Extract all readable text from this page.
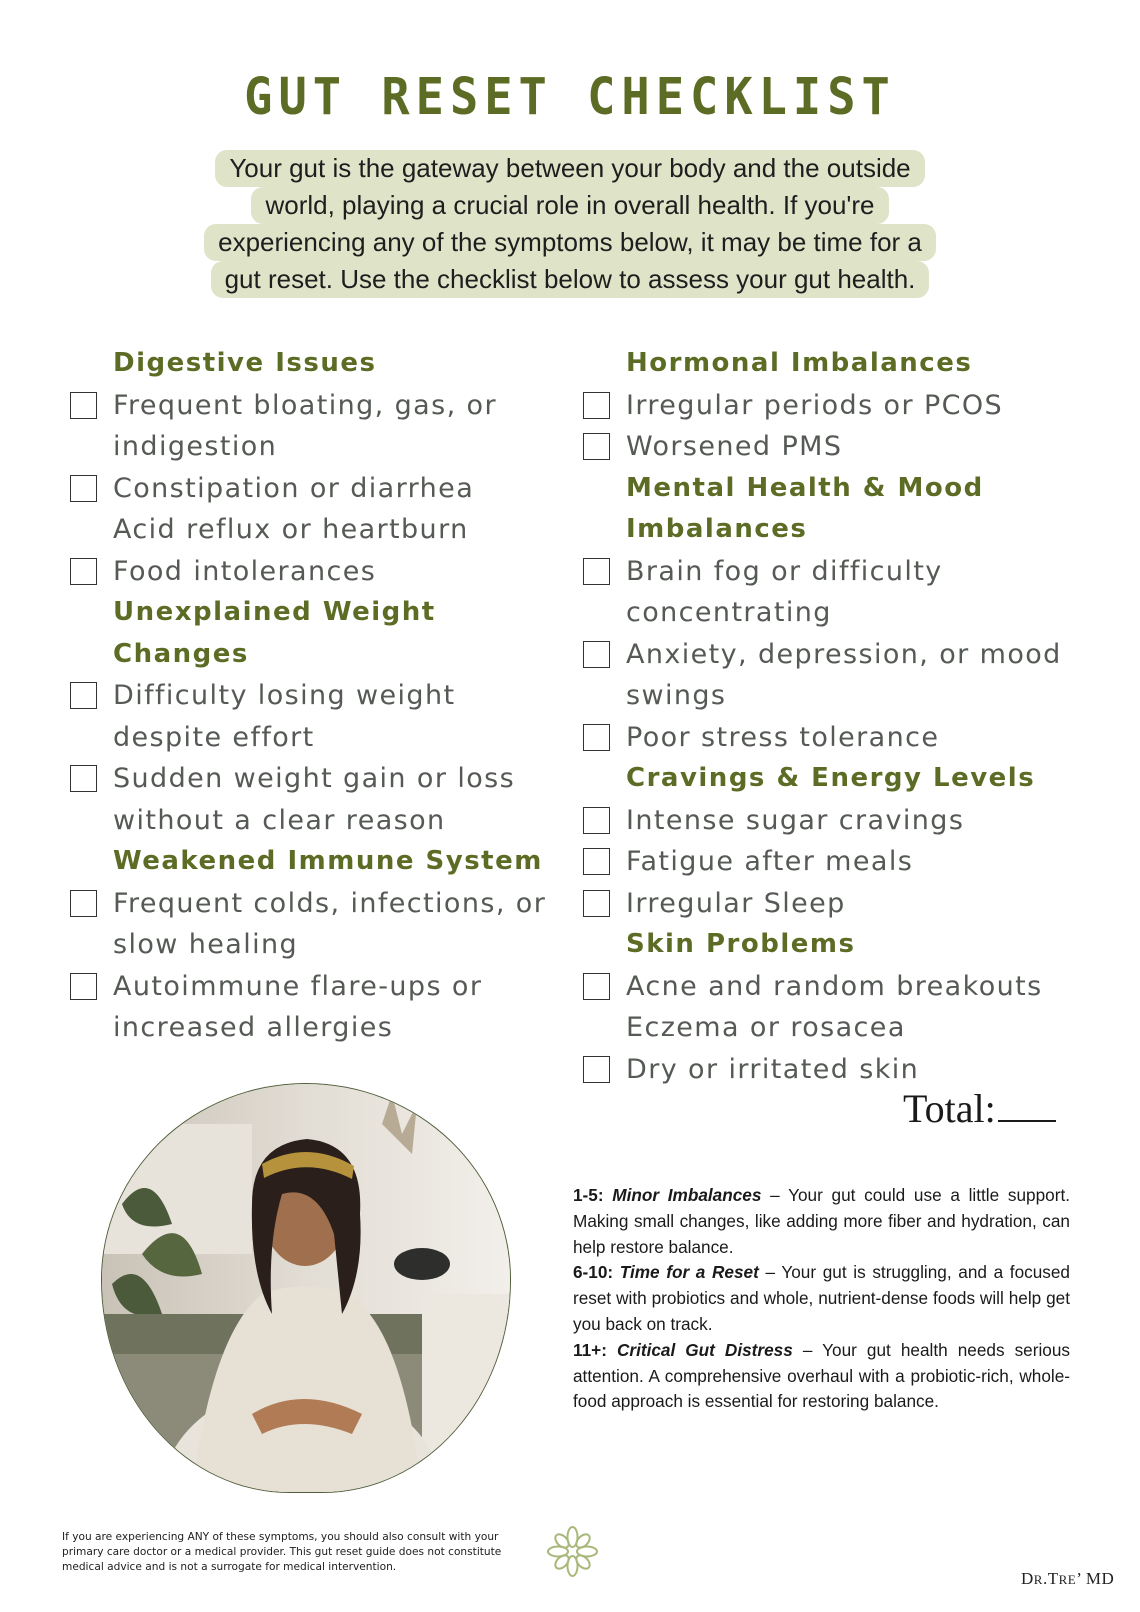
GUT RESET CHECKLIST
Your gut is the gateway between your body and the outside
world, playing a crucial role in overall health. If you're
experiencing any of the symptoms below, it may be time for a
gut reset. Use the checklist below to assess your gut health.
Digestive Issues
Frequent bloating, gas, or
indigestion
Constipation or diarrhea
Acid reflux or heartburn
Food intolerances
Unexplained Weight
Changes
Difficulty losing weight
despite effort
Sudden weight gain or loss
without a clear reason
Weakened Immune System
Frequent colds, infections, or
slow healing
Autoimmune flare-ups or
increased allergies
Hormonal Imbalances
Irregular periods or PCOS
Worsened PMS
Mental Health & Mood
Imbalances
Brain fog or difficulty
concentrating
Anxiety, depression, or mood
swings
Poor stress tolerance
Cravings & Energy Levels
Intense sugar cravings
Fatigue after meals
Irregular Sleep
Skin Problems
Acne and random breakouts
Eczema or rosacea
Dry or irritated skin
Total:

1-5: Minor Imbalances – Your gut could use a little support. Making small changes, like adding more fiber and hydration, can help restore balance.

6-10: Time for a Reset – Your gut is struggling, and a focused reset with probiotics and whole, nutrient-dense foods will help get you back on track.

11+: Critical Gut Distress – Your gut health needs serious attention. A comprehensive overhaul with a probiotic-rich, whole-food approach is essential for restoring balance.

If you are experiencing ANY of these symptoms, you should also consult with your primary care doctor or a medical provider. This gut reset guide does not constitute medical advice and is not a surrogate for medical intervention.
DR.TRE’ MD
